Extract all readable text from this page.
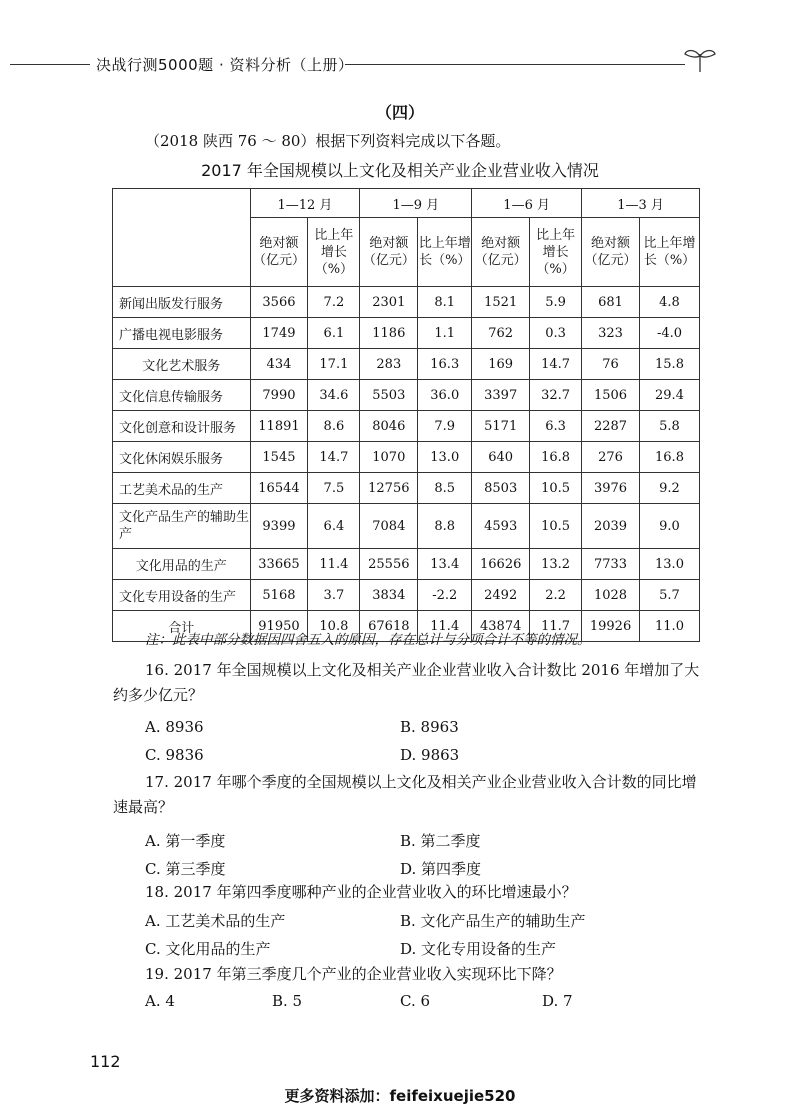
决战行测5000题 · 资料分析（上册）
（四）
（2018 陕西 76 ～ 80）根据下列资料完成以下各题。
2017 年全国规模以上文化及相关产业企业营业收入情况
	1—12 月		1—9 月		1—6 月		1—3 月	
	绝对额（亿元）	比上年增长（%）	绝对额（亿元）	比上年增长（%）	绝对额（亿元）	比上年增长（%）	绝对额（亿元）	比上年增长（%）
新闻出版发行服务	3566	7.2	2301	8.1	1521	5.9	681	4.8
广播电视电影服务	1749	6.1	1186	1.1	762	0.3	323	-4.0
文化艺术服务	434	17.1	283	16.3	169	14.7	76	15.8
文化信息传输服务	7990	34.6	5503	36.0	3397	32.7	1506	29.4
文化创意和设计服务	11891	8.6	8046	7.9	5171	6.3	2287	5.8
文化休闲娱乐服务	1545	14.7	1070	13.0	640	16.8	276	16.8
工艺美术品的生产	16544	7.5	12756	8.5	8503	10.5	3976	9.2
文化产品生产的辅助生产	9399	6.4	7084	8.8	4593	10.5	2039	9.0
文化用品的生产	33665	11.4	25556	13.4	16626	13.2	7733	13.0
文化专用设备的生产	5168	3.7	3834	-2.2	2492	2.2	1028	5.7
合计	91950	10.8	67618	11.4	43874	11.7	19926	11.0
注：此表中部分数据因四舍五入的原因，存在总计与分项合计不等的情况。
16. 2017 年全国规模以上文化及相关产业企业营业收入合计数比 2016 年增加了大约多少亿元？
A. 8936	B. 8963
C. 9836	D. 9863
17. 2017 年哪个季度的全国规模以上文化及相关产业企业营业收入合计数的同比增速最高？
A. 第一季度	B. 第二季度
C. 第三季度	D. 第四季度
18. 2017 年第四季度哪种产业的企业营业收入的环比增速最小？
A. 工艺美术品的生产	B. 文化产品生产的辅助生产
C. 文化用品的生产	D. 文化专用设备的生产
19. 2017 年第三季度几个产业的企业营业收入实现环比下降？
A. 4	B. 5	C. 6	D. 7
112
更多资料添加：feifeixuejie520
